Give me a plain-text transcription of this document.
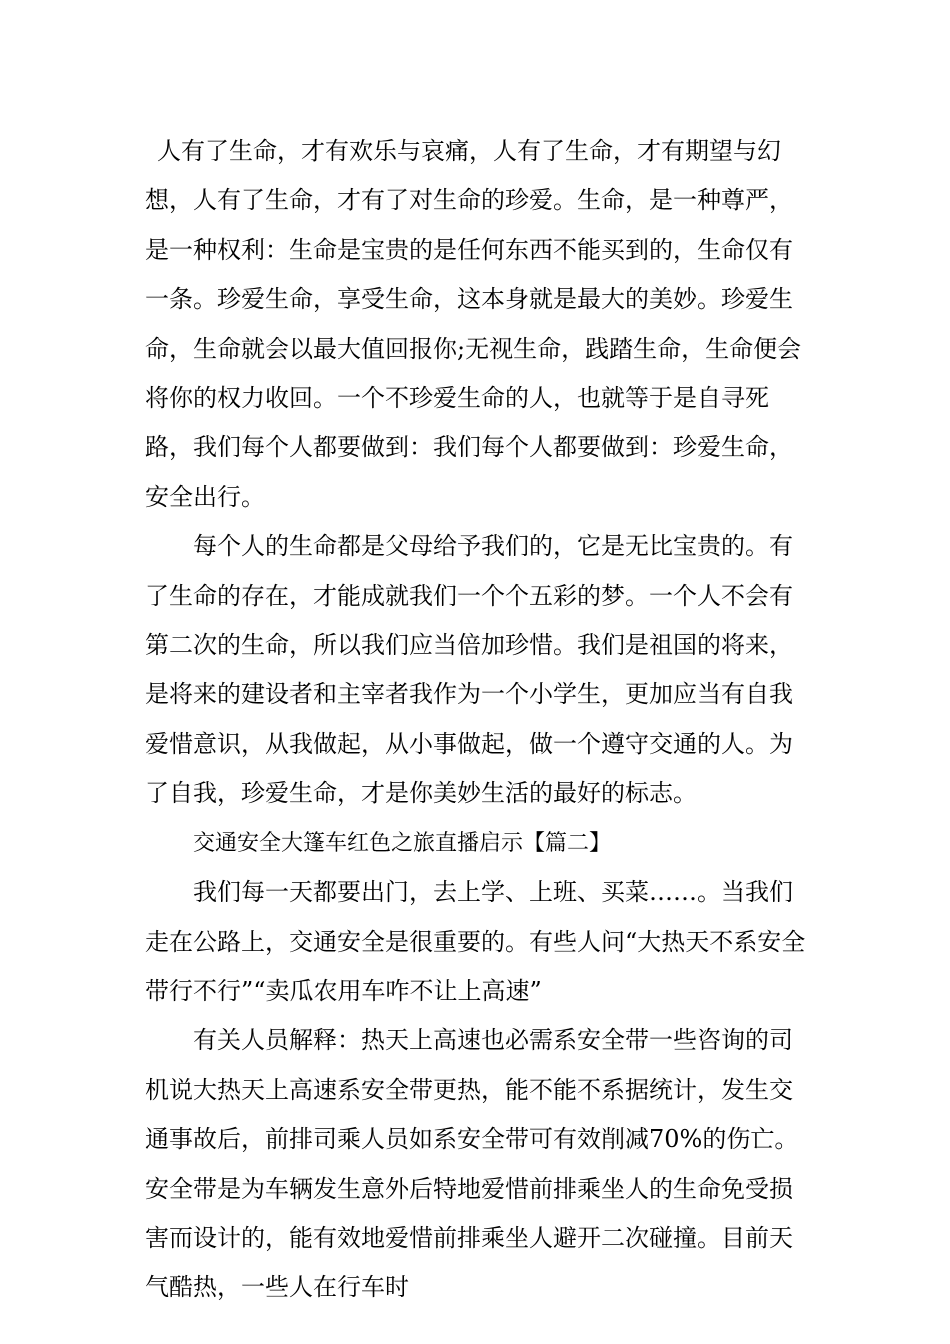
人有了生命，才有欢乐与哀痛，人有了生命，才有期望与幻想，人有了生命，才有了对生命的珍爱。生命，是一种尊严，是一种权利：生命是宝贵的是任何东西不能买到的，生命仅有一条。珍爱生命，享受生命，这本身就是最大的美妙。珍爱生命，生命就会以最大值回报你;无视生命，践踏生命，生命便会将你的权力收回。一个不珍爱生命的人，也就等于是自寻死路，我们每个人都要做到：我们每个人都要做到：珍爱生命，安全出行。

每个人的生命都是父母给予我们的，它是无比宝贵的。有了生命的存在，才能成就我们一个个五彩的梦。一个人不会有第二次的生命，所以我们应当倍加珍惜。我们是祖国的将来，是将来的建设者和主宰者我作为一个小学生，更加应当有自我爱惜意识，从我做起，从小事做起，做一个遵守交通的人。为了自我，珍爱生命，才是你美妙生活的最好的标志。

交通安全大篷车红色之旅直播启示【篇二】

我们每一天都要出门，去上学、上班、买菜……。当我们走在公路上，交通安全是很重要的。有些人问“大热天不系安全带行不行”“卖瓜农用车咋不让上高速”

有关人员解释：热天上高速也必需系安全带一些咨询的司机说大热天上高速系安全带更热，能不能不系据统计，发生交通事故后，前排司乘人员如系安全带可有效削减70%的伤亡。安全带是为车辆发生意外后特地爱惜前排乘坐人的生命免受损害而设计的，能有效地爱惜前排乘坐人避开二次碰撞。目前天气酷热，一些人在行车时
